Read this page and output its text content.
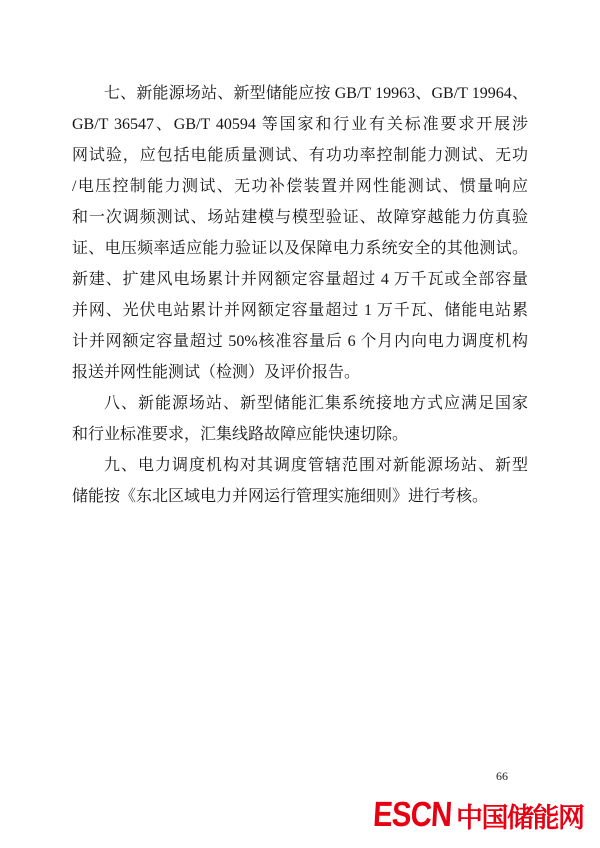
七、新能源场站、新型储能应按 GB/T 19963、GB/T 19964、
GB/T 36547、GB/T 40594 等国家和行业有关标准要求开展涉
网试验，应包括电能质量测试、有功功率控制能力测试、无功
/电压控制能力测试、无功补偿装置并网性能测试、惯量响应
和一次调频测试、场站建模与模型验证、故障穿越能力仿真验
证、电压频率适应能力验证以及保障电力系统安全的其他测试。
新建、扩建风电场累计并网额定容量超过 4 万千瓦或全部容量
并网、光伏电站累计并网额定容量超过 1 万千瓦、储能电站累
计并网额定容量超过 50%核准容量后 6 个月内向电力调度机构
报送并网性能测试（检测）及评价报告。
八、新能源场站、新型储能汇集系统接地方式应满足国家
和行业标准要求，汇集线路故障应能快速切除。
九、电力调度机构对其调度管辖范围对新能源场站、新型
储能按《东北区域电力并网运行管理实施细则》进行考核。
66
ESCN 中国储能网
